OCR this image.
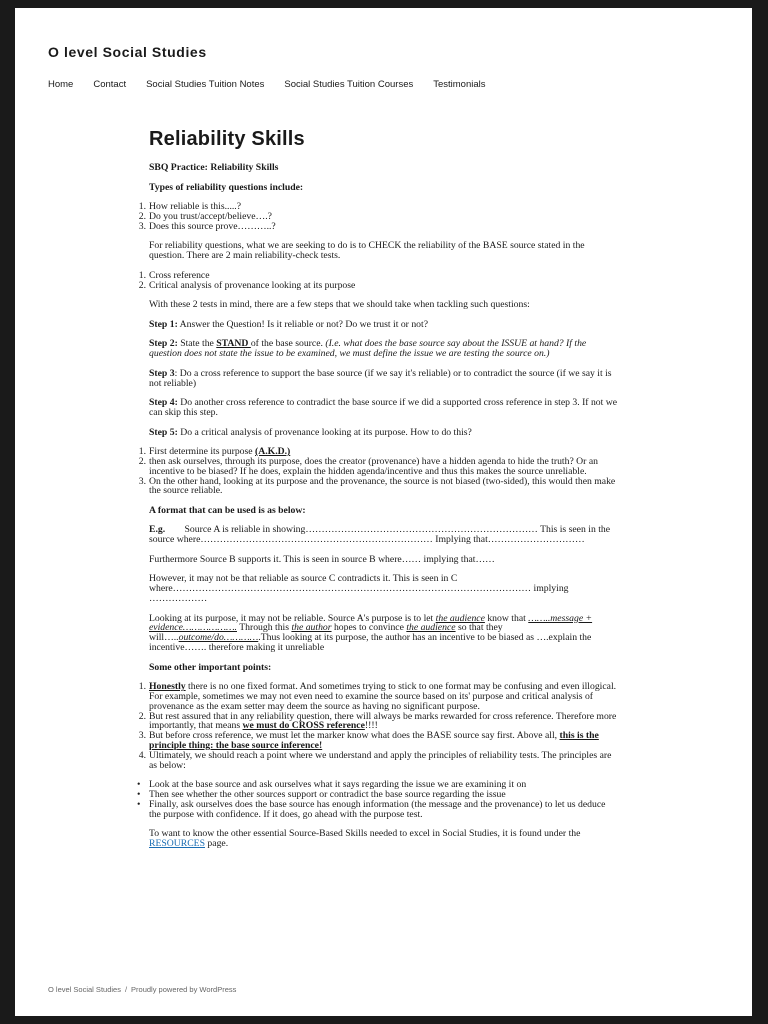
O level Social Studies
Home Contact Social Studies Tuition Notes Social Studies Tuition Courses Testimonials
Reliability Skills

SBQ Practice: Reliability Skills

Types of reliability questions include:

1. How reliable is this.....?
2. Do you trust/accept/believe….?
3. Does this source prove………..?

For reliability questions, what we are seeking to do is to CHECK the reliability of the BASE source stated in the question. There are 2 main reliability-check tests.

1. Cross reference
2. Critical analysis of provenance looking at its purpose

With these 2 tests in mind, there are a few steps that we should take when tackling such questions:

Step 1: Answer the Question! Is it reliable or not? Do we trust it or not?

Step 2: State the STAND of the base source. (I.e. what does the base source say about the ISSUE at hand? If the question does not state the issue to be examined, we must define the issue we are testing the source on.)

Step 3: Do a cross reference to support the base source (if we say it's reliable) or to contradict the source (if we say it is not reliable)

Step 4: Do another cross reference to contradict the base source if we did a supported cross reference in step 3. If not we can skip this step.

Step 5: Do a critical analysis of provenance looking at its purpose. How to do this?

1. First determine its purpose (A.K.D.)
2. then ask ourselves, through its purpose, does the creator (provenance) have a hidden agenda to hide the truth? Or an incentive to be biased? If he does, explain the hidden agenda/incentive and thus this makes the source unreliable.
3. On the other hand, looking at its purpose and the provenance, the source is not biased (two-sided), this would then make the source reliable.

A format that can be used is as below:

E.g.        Source A is reliable in showing……………………………………………………………… This is seen in the source where……………………………………………………………… Implying that…………………………

Furthermore Source B supports it. This is seen in source B where…… implying that……

However, it may not be that reliable as source C contradicts it. This is seen in C where………………………………………………………………………………………………… implying ………………

Looking at its purpose, it may not be reliable. Source A's purpose is to let the audience know that ……..message + evidence………………. Through this the author hopes to convince the audience so that they will…..outcome/do………….Thus looking at its purpose, the author has an incentive to be biased as ….explain the incentive……. therefore making it unreliable

Some other important points:

1. Honestly there is no one fixed format. And sometimes trying to stick to one format may be confusing and even illogical. For example, sometimes we may not even need to examine the source based on its' purpose and critical analysis of provenance as the exam setter may deem the source as having no significant purpose.
2. But rest assured that in any reliability question, there will always be marks rewarded for cross reference. Therefore more importantly, that means we must do CROSS reference!!!!
3. But before cross reference, we must let the marker know what does the BASE source say first. Above all, this is the principle thing: the base source inference!
4. Ultimately, we should reach a point where we understand and apply the principles of reliability tests. The principles are as below:
• Look at the base source and ask ourselves what it says regarding the issue we are examining it on
• Then see whether the other sources support or contradict the base source regarding the issue
• Finally, ask ourselves does the base source has enough information (the message and the provenance) to let us deduce the purpose with confidence. If it does, go ahead with the purpose test.

To want to know the other essential Source-Based Skills needed to excel in Social Studies, it is found under the RESOURCES page.

O level Social Studies / Proudly powered by WordPress
